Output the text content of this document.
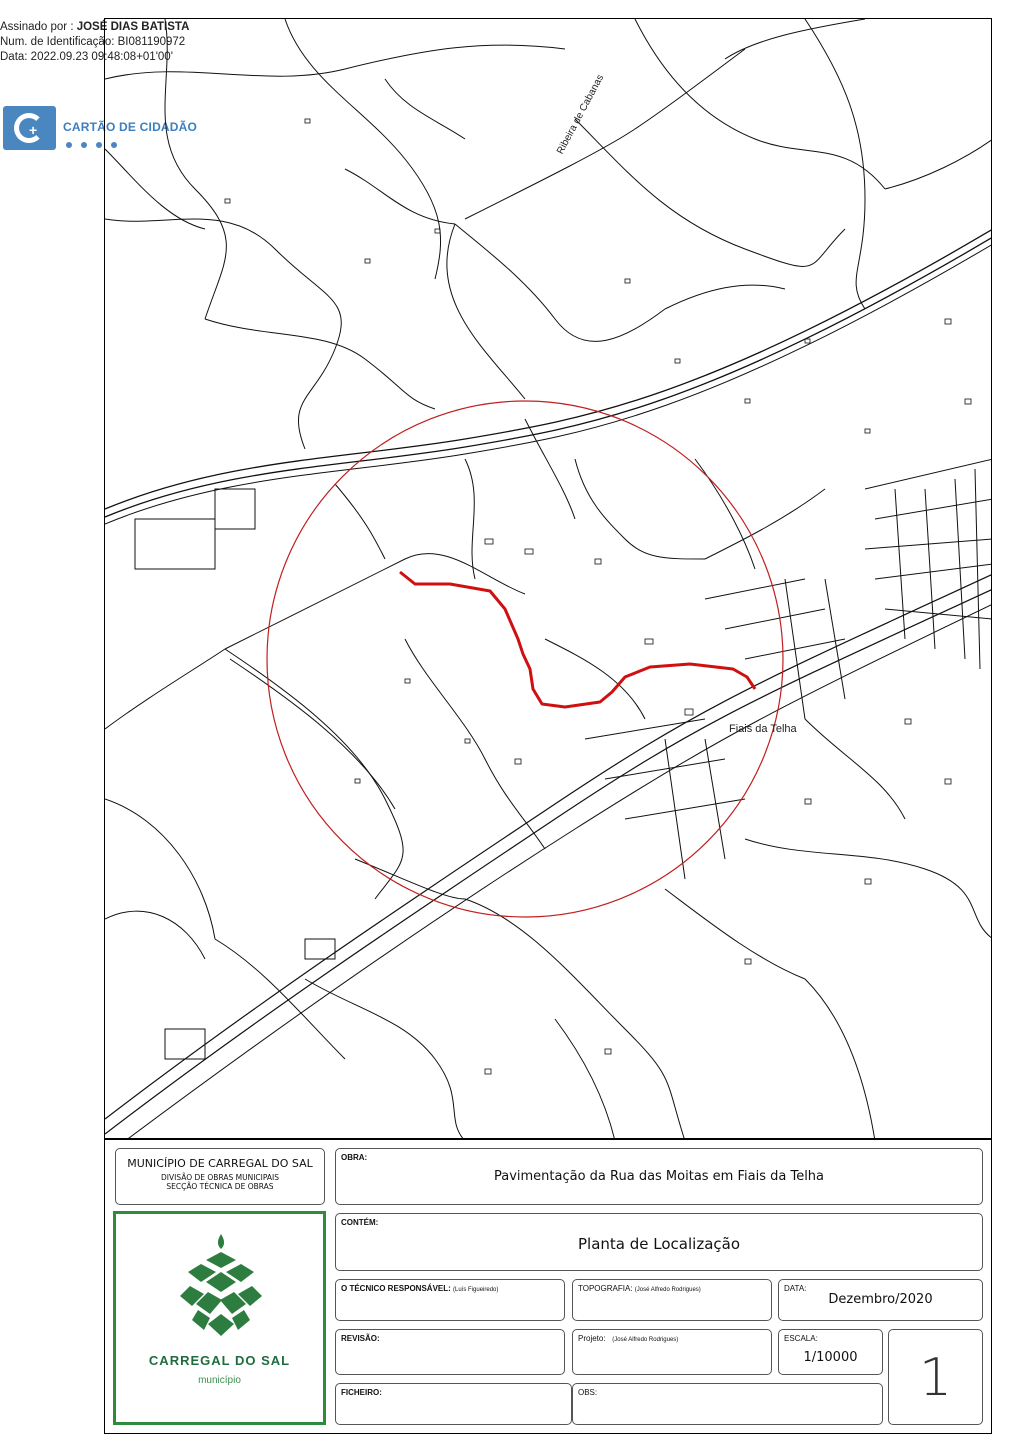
Assinado por : JOSÉ DIAS BATISTA
Num. de Identificação: BI081190972
Data: 2022.09.23 09:48:08+01'00'
+ CARTÃO DE CIDADÃO	Ribeira de Cabanas
Fiais da Telha
MUNICÍPIO DE CARREGAL DO SAL
DIVISÃO DE OBRAS MUNICIPAIS
SECÇÃO TÉCNICA DE OBRAS
CARREGAL DO SAL
município
OBRA:
Pavimentação da Rua das Moitas em Fiais da Telha
CONTÉM:
Planta de Localização
O TÉCNICO RESPONSÁVEL: (Luís Figueiredo)	TOPOGRAFIA: (José Alfredo Rodrigues)	DATA:
Dezembro/2020
REVISÃO:	Projeto: (José Alfredo Rodrigues)	ESCALA:
1/10000	1
FICHEIRO:	OBS:
